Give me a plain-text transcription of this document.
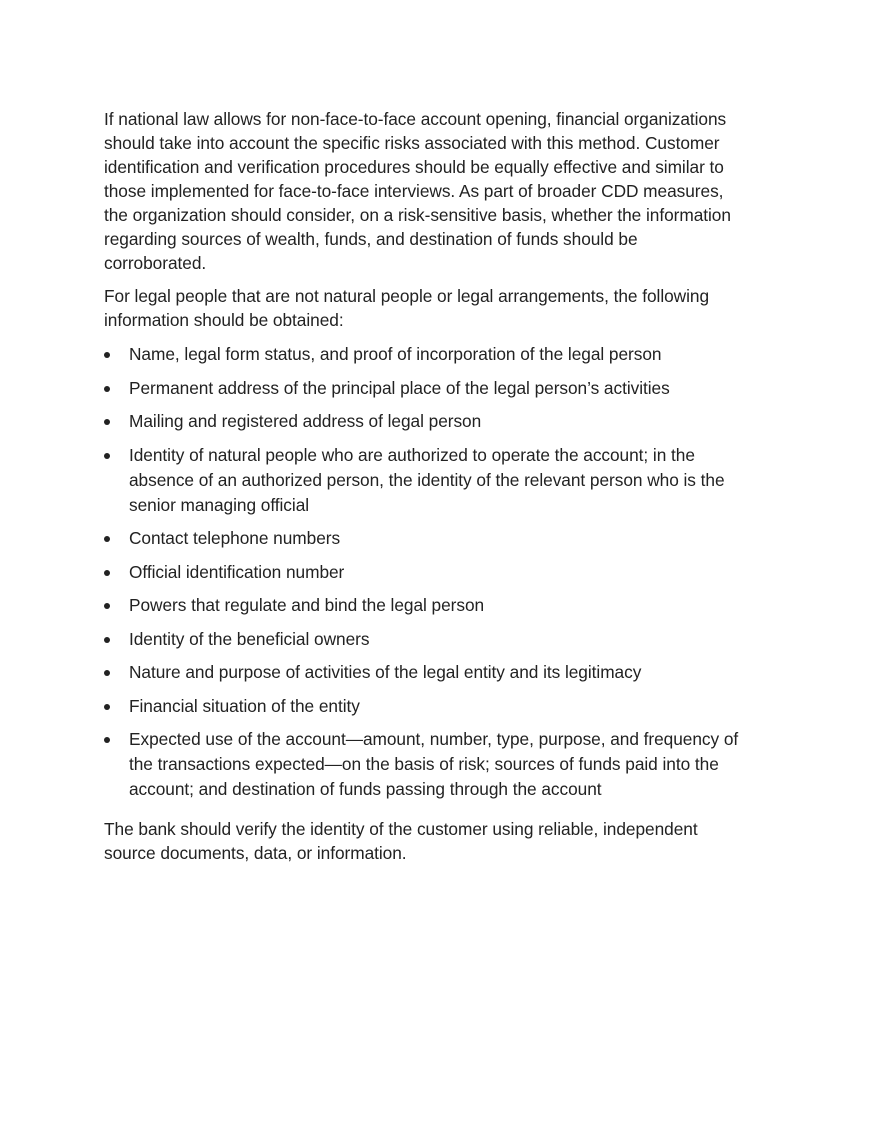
If national law allows for non-face-to-face account opening, financial organizations should take into account the specific risks associated with this method. Customer identification and verification procedures should be equally effective and similar to those implemented for face-to-face interviews. As part of broader CDD measures, the organization should consider, on a risk-sensitive basis, whether the information regarding sources of wealth, funds, and destination of funds should be corroborated.

For legal people that are not natural people or legal arrangements, the following information should be obtained:

Name, legal form status, and proof of incorporation of the legal person
Permanent address of the principal place of the legal person’s activities
Mailing and registered address of legal person
Identity of natural people who are authorized to operate the account; in the absence of an authorized person, the identity of the relevant person who is the senior managing official
Contact telephone numbers
Official identification number
Powers that regulate and bind the legal person
Identity of the beneficial owners
Nature and purpose of activities of the legal entity and its legitimacy
Financial situation of the entity
Expected use of the account—amount, number, type, purpose, and frequency of the transactions expected—on the basis of risk; sources of funds paid into the account; and destination of funds passing through the account

The bank should verify the identity of the customer using reliable, independent source documents, data, or information.
